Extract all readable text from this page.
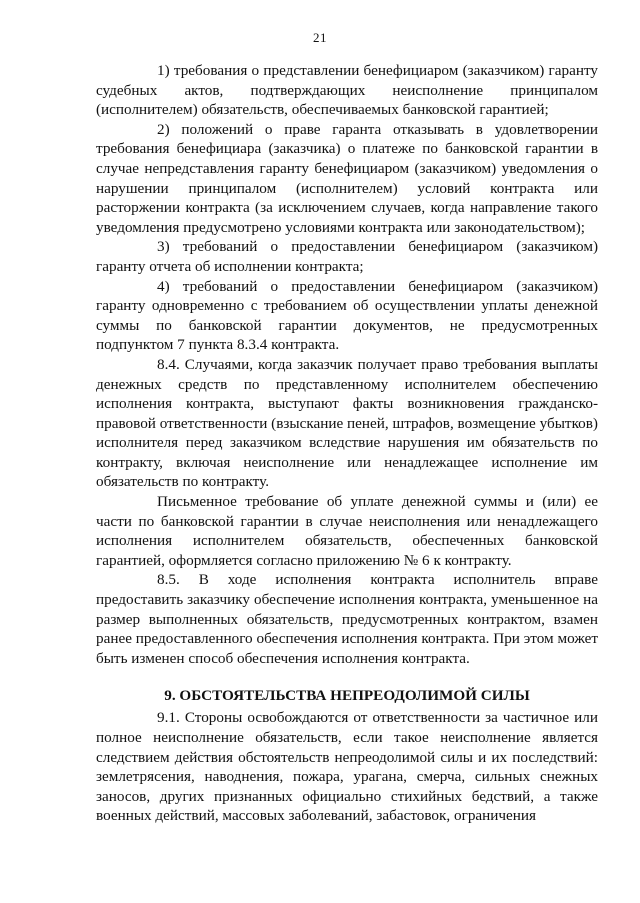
21

1) требования о представлении бенефициаром (заказчиком) гаранту судебных актов, подтверждающих неисполнение принципалом (исполнителем) обязательств, обеспечиваемых банковской гарантией;

2) положений о праве гаранта отказывать в удовлетворении требования бенефициара (заказчика) о платеже по банковской гарантии в случае непредставления гаранту бенефициаром (заказчиком) уведомления о нарушении принципалом (исполнителем) условий контракта или расторжении контракта (за исключением случаев, когда направление такого уведомления предусмотрено условиями контракта или законодательством);

3) требований о предоставлении бенефициаром (заказчиком) гаранту отчета об исполнении контракта;

4) требований о предоставлении бенефициаром (заказчиком) гаранту одновременно с требованием об осуществлении уплаты денежной суммы по банковской гарантии документов, не предусмотренных подпунктом 7 пункта 8.3.4 контракта.

8.4. Случаями, когда заказчик получает право требования выплаты денежных средств по представленному исполнителем обеспечению исполнения контракта, выступают факты возникновения гражданско-правовой ответственности (взыскание пеней, штрафов, возмещение убытков) исполнителя перед заказчиком вследствие нарушения им обязательств по контракту, включая неисполнение или ненадлежащее исполнение им обязательств по контракту.

Письменное требование об уплате денежной суммы и (или) ее части по банковской гарантии в случае неисполнения или ненадлежащего исполнения исполнителем обязательств, обеспеченных банковской гарантией, оформляется согласно приложению № 6 к контракту.

8.5. В ходе исполнения контракта исполнитель вправе предоставить заказчику обеспечение исполнения контракта, уменьшенное на размер выполненных обязательств, предусмотренных контрактом, взамен ранее предоставленного обеспечения исполнения контракта. При этом может быть изменен способ обеспечения исполнения контракта.

9. ОБСТОЯТЕЛЬСТВА НЕПРЕОДОЛИМОЙ СИЛЫ

9.1. Стороны освобождаются от ответственности за частичное или полное неисполнение обязательств, если такое неисполнение является следствием действия обстоятельств непреодолимой силы и их последствий: землетрясения, наводнения, пожара, урагана, смерча, сильных снежных заносов, других признанных официально стихийных бедствий, а также военных действий, массовых заболеваний, забастовок, ограничения
